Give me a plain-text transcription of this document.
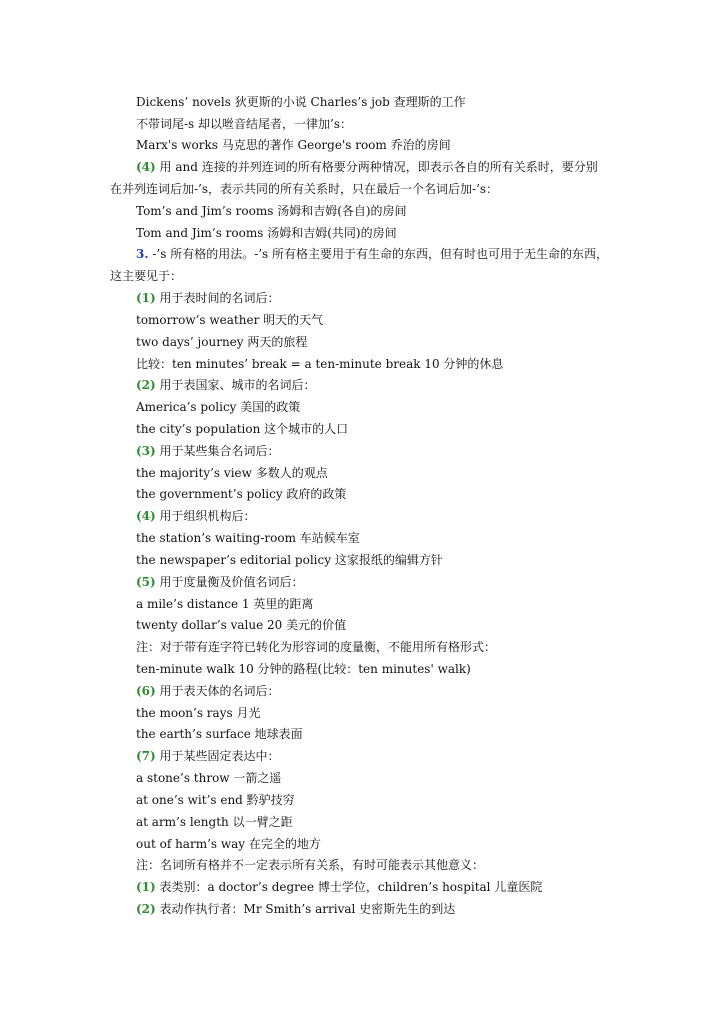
Dickens’ novels 狄更斯的小说 Charles’s job 查理斯的工作
不带词尾-s 却以咝音结尾者，一律加’s：
Marx's works 马克思的著作 George's room 乔治的房间
(4) 用 and 连接的并列连词的所有格要分两种情况，即表示各自的所有关系时，要分别
在并列连词后加-’s，表示共同的所有关系时，只在最后一个名词后加-’s：
Tom’s and Jim’s rooms 汤姆和吉姆(各自)的房间
Tom and Jim’s rooms 汤姆和吉姆(共同)的房间
3. -’s 所有格的用法。-’s 所有格主要用于有生命的东西，但有时也可用于无生命的东西，
这主要见于：
(1) 用于表时间的名词后：
tomorrow’s weather 明天的天气
two days’ journey 两天的旅程
比较：ten minutes’ break = a ten-minute break 10 分钟的休息
(2) 用于表国家、城市的名词后：
America’s policy 美国的政策
the city’s population 这个城市的人口
(3) 用于某些集合名词后：
the majority’s view 多数人的观点
the government’s policy 政府的政策
(4) 用于组织机构后：
the station’s waiting-room 车站候车室
the newspaper’s editorial policy 这家报纸的编辑方针
(5) 用于度量衡及价值名词后：
a mile’s distance 1 英里的距离
twenty dollar’s value 20 美元的价值
注：对于带有连字符已转化为形容词的度量衡，不能用所有格形式：
ten-minute walk 10 分钟的路程(比较：ten minutes' walk)
(6) 用于表天体的名词后：
the moon’s rays 月光
the earth’s surface 地球表面
(7) 用于某些固定表达中：
a stone’s throw 一箭之遥
at one’s wit’s end 黔驴技穷
at arm’s length 以一臂之距
out of harm’s way 在完全的地方
注：名词所有格并不一定表示所有关系，有时可能表示其他意义：
(1) 表类别：a doctor’s degree 博士学位，children’s hospital 儿童医院
(2) 表动作执行者：Mr Smith’s arrival 史密斯先生的到达
